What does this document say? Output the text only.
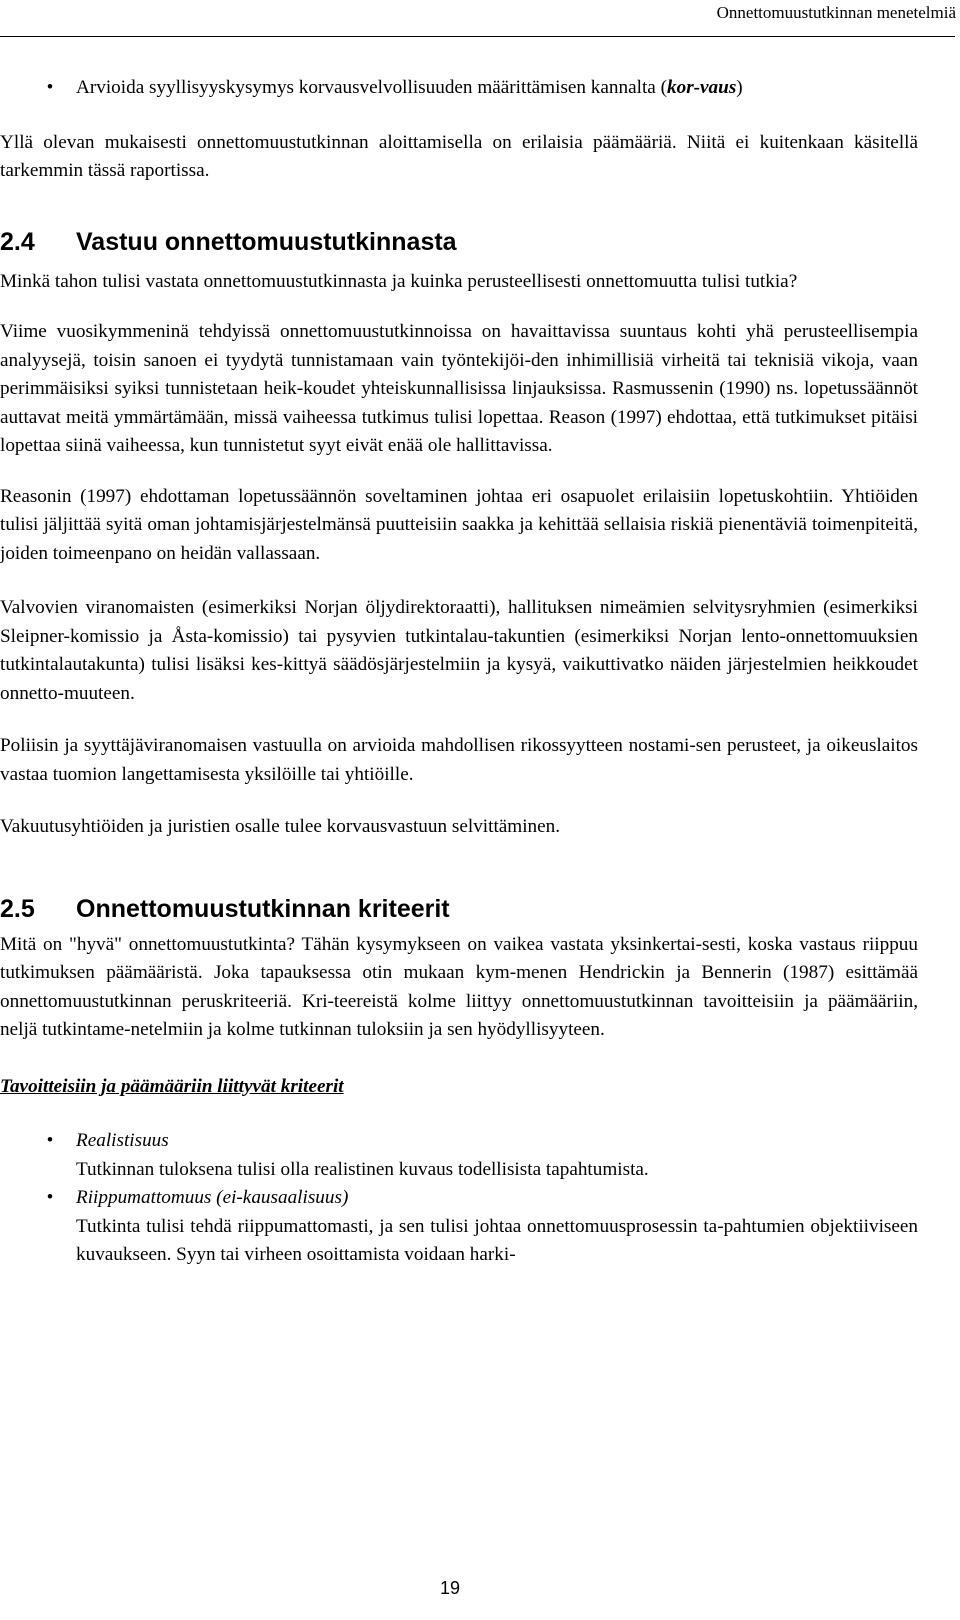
Onnettomuustutkinnan menetelmiä
•	Arvioida syyllisyyskysymys korvausvelvollisuuden määrittämisen kannalta (kor-vaus)

Yllä olevan mukaisesti onnettomuustutkinnan aloittamisella on erilaisia päämääriä. Niitä ei kuitenkaan käsitellä tarkemmin tässä raportissa.

2.4 Vastuu onnettomuustutkinnasta

Minkä tahon tulisi vastata onnettomuustutkinnasta ja kuinka perusteellisesti onnettomuutta tulisi tutkia?

Viime vuosikymmeninä tehdyissä onnettomuustutkinnoissa on havaittavissa suuntaus kohti yhä perusteellisempia analyysejä, toisin sanoen ei tyydytä tunnistamaan vain työntekijöi-den inhimillisiä virheitä tai teknisiä vikoja, vaan perimmäisiksi syiksi tunnistetaan heik-koudet yhteiskunnallisissa linjauksissa. Rasmussenin (1990) ns. lopetussäännöt auttavat meitä ymmärtämään, missä vaiheessa tutkimus tulisi lopettaa. Reason (1997) ehdottaa, että tutkimukset pitäisi lopettaa siinä vaiheessa, kun tunnistetut syyt eivät enää ole hallittavissa.

Reasonin (1997) ehdottaman lopetussäännön soveltaminen johtaa eri osapuolet erilaisiin lopetuskohtiin. Yhtiöiden tulisi jäljittää syitä oman johtamisjärjestelmänsä puutteisiin saakka ja kehittää sellaisia riskiä pienentäviä toimenpiteitä, joiden toimeenpano on heidän vallassaan.

Valvovien viranomaisten (esimerkiksi Norjan öljydirektoraatti), hallituksen nimeämien selvitysryhmien (esimerkiksi Sleipner-komissio ja Åsta-komissio) tai pysyvien tutkintalau-takuntien (esimerkiksi Norjan lento-onnettomuuksien tutkintalautakunta) tulisi lisäksi kes-kittyä säädösjärjestelmiin ja kysyä, vaikuttivatko näiden järjestelmien heikkoudet onnetto-muuteen.

Poliisin ja syyttäjäviranomaisen vastuulla on arvioida mahdollisen rikossyytteen nostami-sen perusteet, ja oikeuslaitos vastaa tuomion langettamisesta yksilöille tai yhtiöille.

Vakuutusyhtiöiden ja juristien osalle tulee korvausvastuun selvittäminen.

2.5 Onnettomuustutkinnan kriteerit

Mitä on "hyvä" onnettomuustutkinta? Tähän kysymykseen on vaikea vastata yksinkertai-sesti, koska vastaus riippuu tutkimuksen päämääristä. Joka tapauksessa otin mukaan kym-menen Hendrickin ja Bennerin (1987) esittämää onnettomuustutkinnan peruskriteeriä. Kri-teereistä kolme liittyy onnettomuustutkinnan tavoitteisiin ja päämääriin, neljä tutkintame-netelmiin ja kolme tutkinnan tuloksiin ja sen hyödyllisyyteen.

Tavoitteisiin ja päämääriin liittyvät kriteerit
•	Realistisuus
Tutkinnan tuloksena tulisi olla realistinen kuvaus todellisista tapahtumista.
•	Riippumattomuus (ei-kausaalisuus)
Tutkinta tulisi tehdä riippumattomasti, ja sen tulisi johtaa onnettomuusprosessin ta-pahtumien objektiiviseen kuvaukseen. Syyn tai virheen osoittamista voidaan harki-
19
